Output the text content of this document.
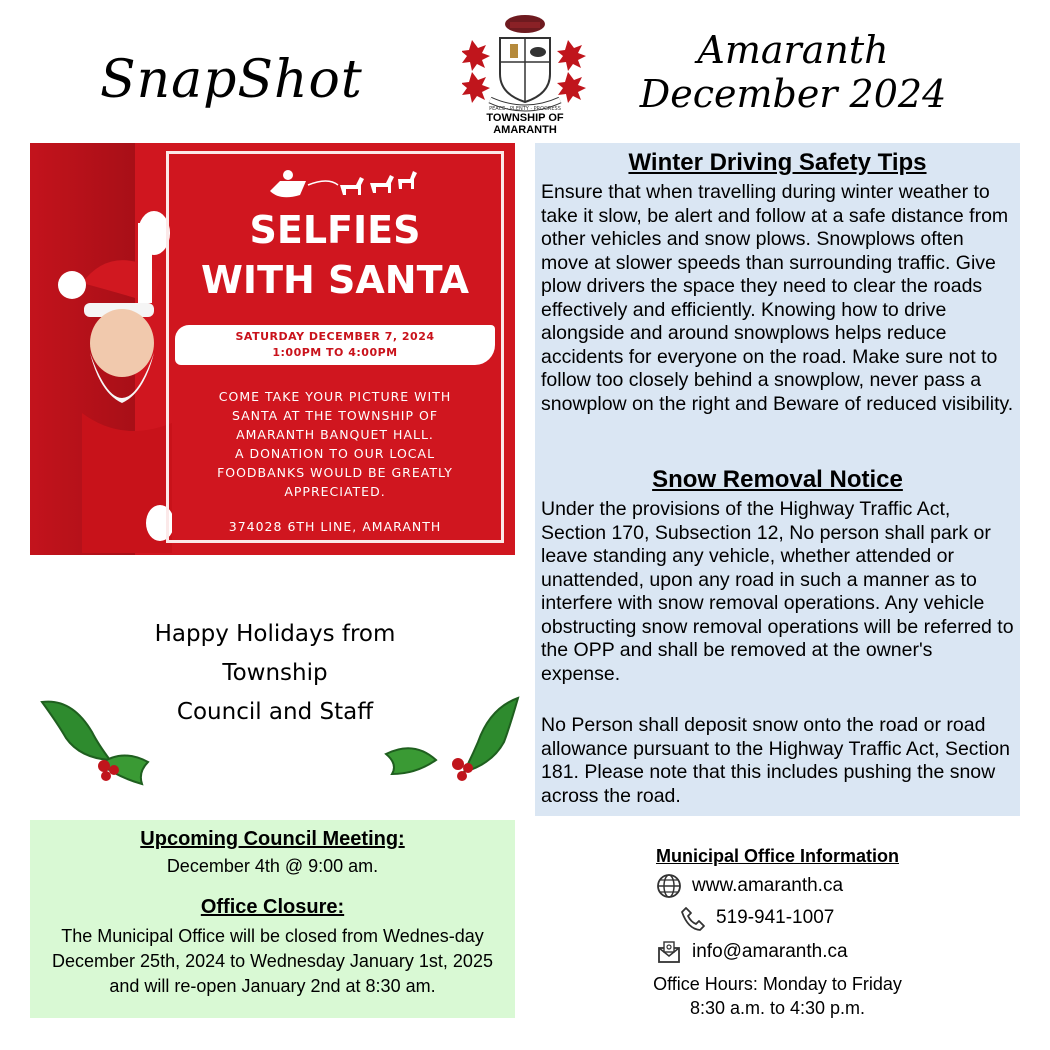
SnapShot	PEACE · PLENTY · PROGRESS
TOWNSHIP OF AMARANTH
Amaranth
December 2024
SELFIES
WITH SANTA
SATURDAY DECEMBER 7, 2024
1:00PM TO 4:00PM
COME TAKE YOUR PICTURE WITH
SANTA AT THE TOWNSHIP OF
AMARANTH BANQUET HALL.
A DONATION TO OUR LOCAL
FOODBANKS WOULD BE GREATLY
APPRECIATED.
374028 6TH LINE, AMARANTH
Winter Driving Safety Tips
Ensure that when travelling during winter weather to take it slow, be alert and follow at a safe distance from other vehicles and snow plows. Snowplows often move at slower speeds than surrounding traffic. Give plow drivers the space they need to clear the roads effectively and efficiently. Knowing how to drive alongside and around snowplows helps reduce accidents for everyone on the road. Make sure not to follow too closely behind a snowplow, never pass a snowplow on the right and Beware of reduced visibility.
Snow Removal Notice
Under the provisions of the Highway Traffic Act, Section 170, Subsection 12, No person shall park or leave standing any vehicle, whether attended or unattended, upon any road in such a manner as to interfere with snow removal operations. Any vehicle obstructing snow removal operations will be referred to the OPP and shall be removed at the owner's expense.
No Person shall deposit snow onto the road or road allowance pursuant to the Highway Traffic Act, Section 181. Please note that this includes pushing the snow across the road.
Happy Holidays from
Township
Council and Staff
Upcoming Council Meeting:
December 4th @ 9:00 am.
Office Closure:
The Municipal Office will be closed from Wednes-day December 25th, 2024 to Wednesday January 1st, 2025 and will re-open January 2nd at 8:30 am.
Municipal Office Information
www.amaranth.ca
519-941-1007
info@amaranth.ca
Office Hours: Monday to Friday
8:30 a.m. to 4:30 p.m.
